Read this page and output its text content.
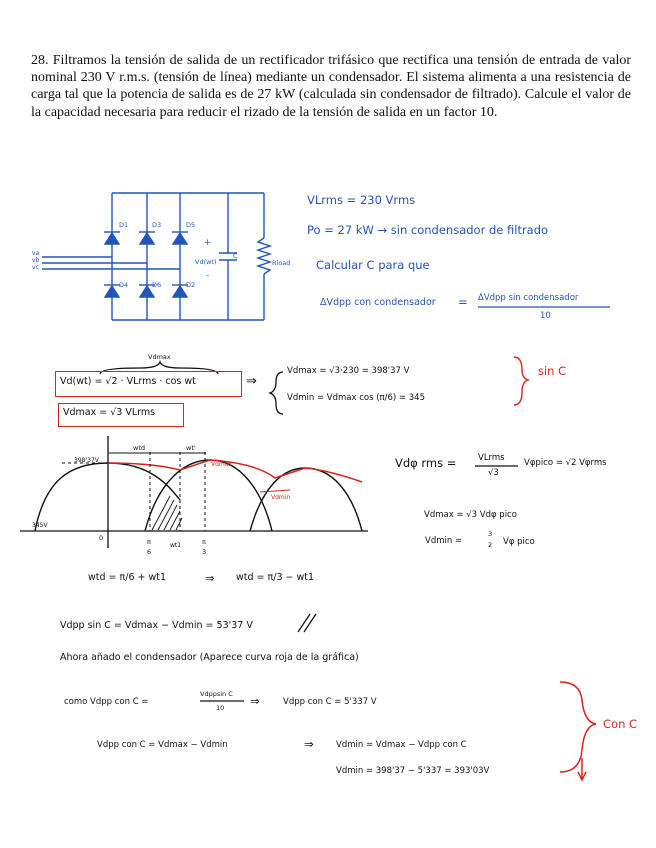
28. Filtramos la tensión de salida de un rectificador trifásico que rectifica una tensión de entrada de valor nominal 230 V r.m.s. (tensión de línea) mediante un condensador. El sistema alimenta a una resistencia de carga tal que la potencia de salida es de 27 kW (calculada sin condensador de filtrado). Calcule el valor de la capacidad necesaria para reducir el rizado de la tensión de salida en un factor 10.
D1	D3	D5
D4	D6	D2
va
vb
vc
Vd(wt)
+
-
C
Rload
VLrms = 230 Vrms
Po = 27 kW → sin condensador de filtrado
Calcular C para que
ΔVdpp con condensador = ΔVdpp sin condensador
10
Vdmax
Vd(wt) = √2 · VLrms · cos wt	⇒
Vdmax = √3 VLrms
Vdmax = √3·230 = 398'37 V
Vdmin = Vdmax cos (π/6) = 345
sin C
wtd	wt'
398'37V
Vdmax
Vdmin
345V
0	π
6
wt1	π
3
Vdφ rms =	VLrms
√3
Vφpico = √2 Vφrms
Vdmax = √3 Vdφ pico
Vdmin =
3
2 Vφ pico
wtd = π/6 + wt1	⇒ wtd = π/3 − wt1
Vdpp sin C = Vdmax − Vdmin = 53'37 V
Ahora añado el condensador (Aparece curva roja de la gráfica)
como Vdpp con C =
Vdppsin C
10 ⇒	Vdpp con C = 5'337 V
Vdpp con C = Vdmax − Vdmin	⇒	Vdmin = Vdmax − Vdpp con C
Vdmin = 398'37 − 5'337 = 393'03V
Con C
